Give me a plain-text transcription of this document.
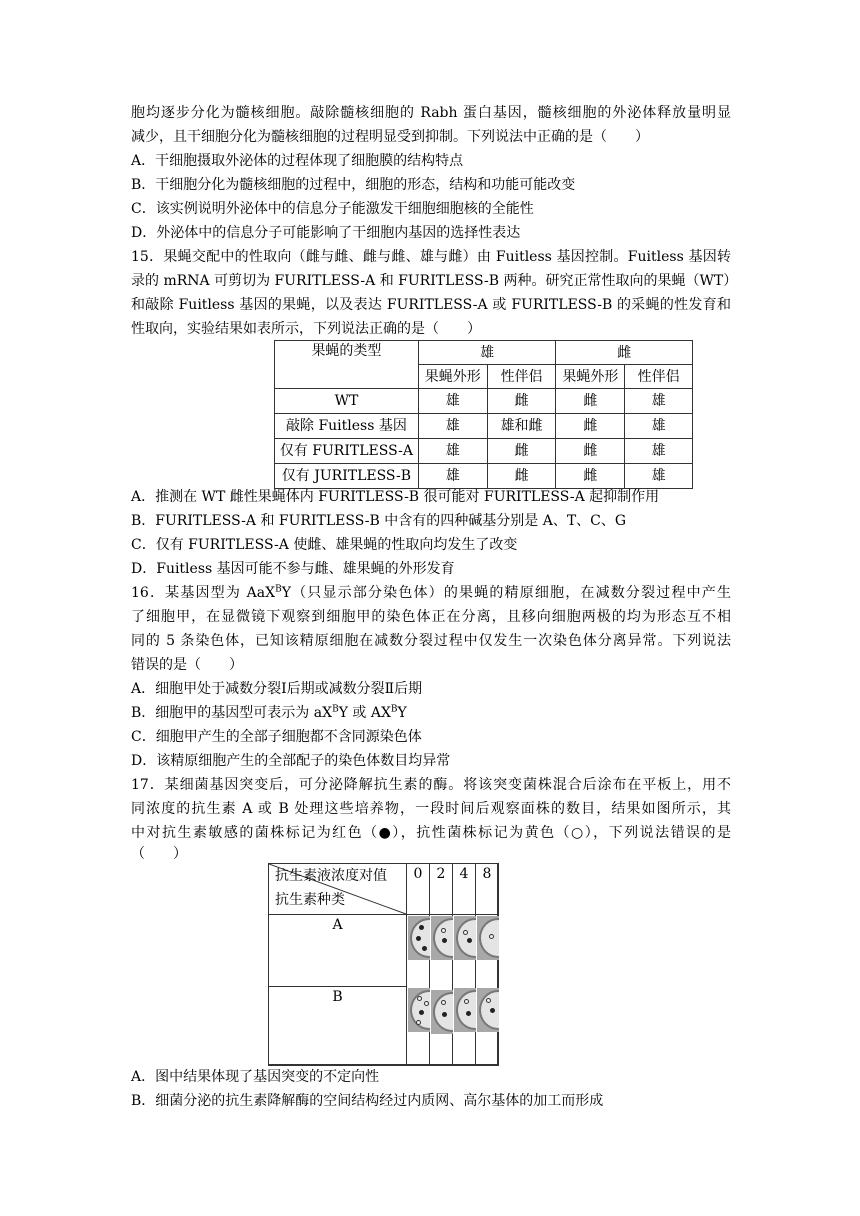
胞均逐步分化为髓核细胞。敲除髓核细胞的 Rabh 蛋白基因，髓核细胞的外泌体释放量明显
减少，且干细胞分化为髓核细胞的过程明显受到抑制。下列说法中正确的是（　　）
A．干细胞摄取外泌体的过程体现了细胞膜的结构特点
B．干细胞分化为髓核细胞的过程中，细胞的形态，结构和功能可能改变
C．该实例说明外泌体中的信息分子能激发干细胞细胞核的全能性
D．外泌体中的信息分子可能影响了干细胞内基因的选择性表达
15．果蝇交配中的性取向（雌与雌、雌与雌、雄与雌）由 Fuitless 基因控制。Fuitless 基因转
录的 mRNA 可剪切为 FURITLESS-A 和 FURITLESS-B 两种。研究正常性取向的果蝇（WT）
和敲除 Fuitless 基因的果蝇，以及表达 FURITLESS-A 或 FURITLESS-B 的采蝇的性发育和
性取向，实验结果如表所示，下列说法正确的是（　　）
果蝇的类型	雄		雌	
	果蝇外形	性伴侣	果蝇外形	性伴侣
WT	雄	雌	雌	雄
敲除 Fuitless 基因	雄	雄和雌	雌	雄
仅有 FURITLESS-A	雄	雌	雌	雄
仅有 JURITLESS-B	雄	雌	雌	雄
A．推测在 WT 雌性果蝇体内 FURITLESS-B 很可能对 FURITLESS-A 起抑制作用
B．FURITLESS-A 和 FURITLESS-B 中含有的四种碱基分别是 A、T、C、G
C．仅有 FURITLESS-A 使雌、雄果蝇的性取向均发生了改变
D．Fuitless 基因可能不参与雌、雄果蝇的外形发育
16．某基因型为 AaX$^B$Y（只显示部分染色体）的果蝇的精原细胞，在减数分裂过程中产生
了细胞甲，在显微镜下观察到细胞甲的染色体正在分离，且移向细胞两极的均为形态互不相
同的 5 条染色体，已知该精原细胞在减数分裂过程中仅发生一次染色体分离异常。下列说法
错误的是（　　）
A．细胞甲处于减数分裂Ⅰ后期或减数分裂Ⅱ后期
B．细胞甲的基因型可表示为 $aX^BY$ 或 $AX^BY$
C．细胞甲产生的全部子细胞都不含同源染色体
D．该精原细胞产生的全部配子的染色体数目均异常
17．某细菌基因突变后，可分泌降解抗生素的酶。将该突变菌株混合后涂布在平板上，用不
同浓度的抗生素 A 或 B 处理这些培养物，一段时间后观察面株的数目，结果如图所示，其
中对抗生素敏感的菌株标记为红色（●），抗性菌株标记为黄色（○），下列说法错误的是
（　　）
抗生素液浓度对值
抗生素种类
0	2	4	8
A
B
A．图中结果体现了基因突变的不定向性
B．细菌分泌的抗生素降解酶的空间结构经过内质网、高尔基体的加工而形成
